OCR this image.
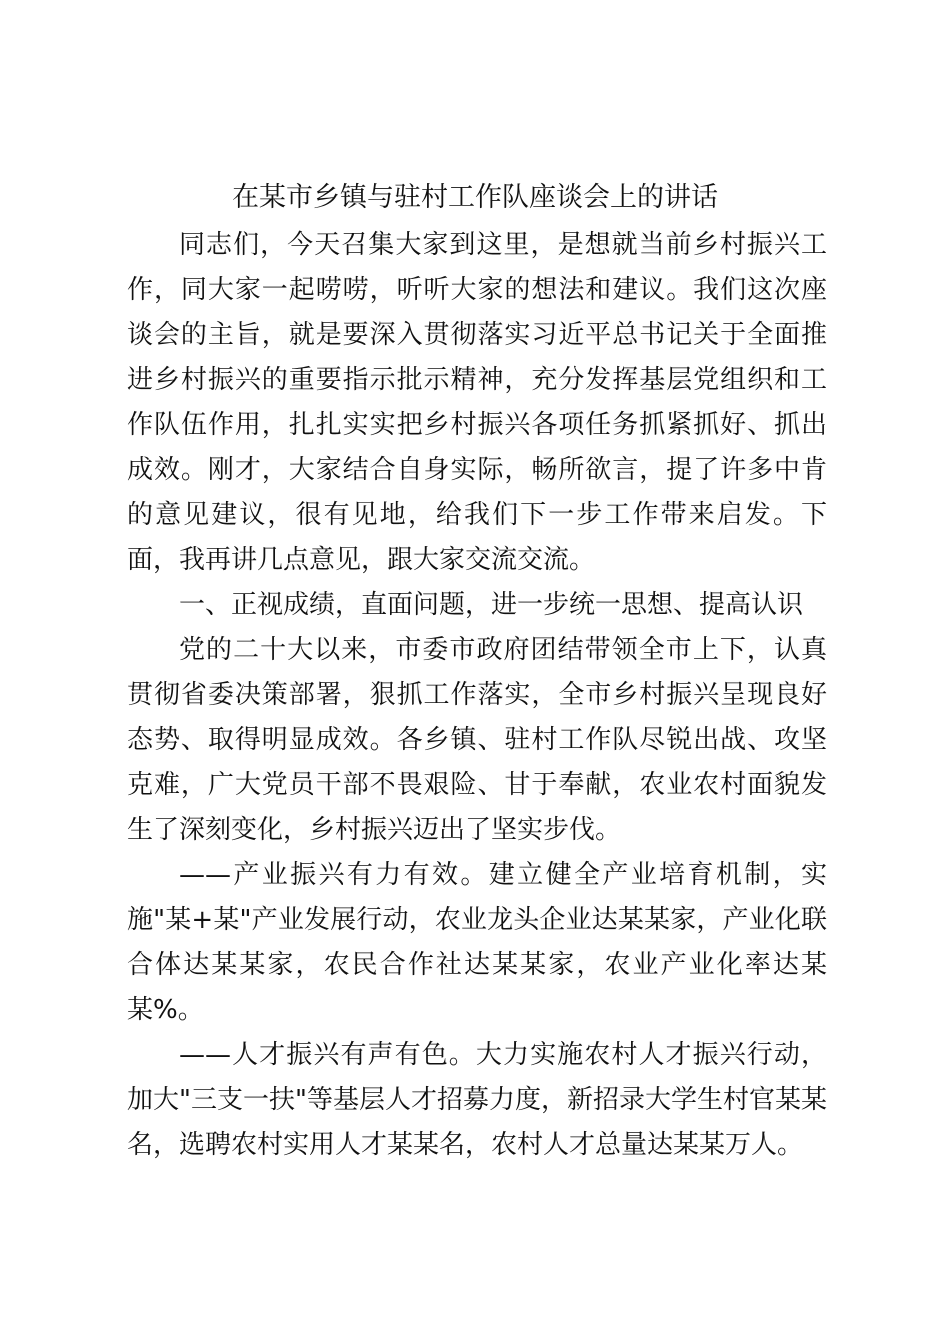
在某市乡镇与驻村工作队座谈会上的讲话

同志们，今天召集大家到这里，是想就当前乡村振兴工作，同大家一起唠唠，听听大家的想法和建议。我们这次座谈会的主旨，就是要深入贯彻落实习近平总书记关于全面推进乡村振兴的重要指示批示精神，充分发挥基层党组织和工作队伍作用，扎扎实实把乡村振兴各项任务抓紧抓好、抓出成效。刚才，大家结合自身实际，畅所欲言，提了许多中肯的意见建议，很有见地，给我们下一步工作带来启发。下面，我再讲几点意见，跟大家交流交流。

一、正视成绩，直面问题，进一步统一思想、提高认识

党的二十大以来，市委市政府团结带领全市上下，认真贯彻省委决策部署，狠抓工作落实，全市乡村振兴呈现良好态势、取得明显成效。各乡镇、驻村工作队尽锐出战、攻坚克难，广大党员干部不畏艰险、甘于奉献，农业农村面貌发生了深刻变化，乡村振兴迈出了坚实步伐。

——产业振兴有力有效。建立健全产业培育机制，实施"某+某"产业发展行动，农业龙头企业达某某家，产业化联合体达某某家，农民合作社达某某家，农业产业化率达某某%。

——人才振兴有声有色。大力实施农村人才振兴行动，加大"三支一扶"等基层人才招募力度，新招录大学生村官某某名，选聘农村实用人才某某名，农村人才总量达某某万人。
